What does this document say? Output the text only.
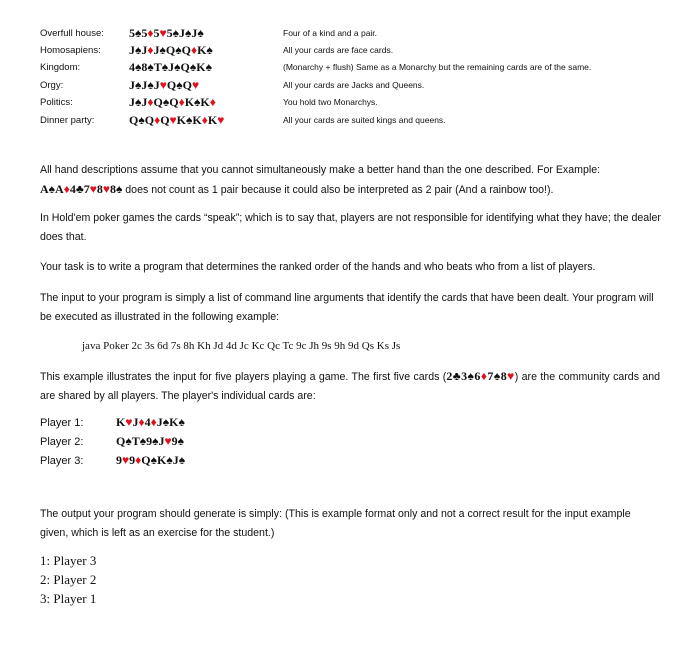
Overfull house: 5♠5♦5♥5♠J♠J♠	Four of a kind and a pair.
Homosapiens: J♠J♦J♠Q♠Q♦K♠	All your cards are face cards.
Kingdom:	4♠8♠T♠J♠Q♠K♠	(Monarchy + flush) Same as a Monarchy but the remaining cards are of the same.
Orgy:	J♠J♠J♥Q♠Q♥	All your cards are Jacks and Queens.
Politics:	J♠J♦Q♠Q♦K♠K♦	You hold two Monarchys.
Dinner party:	Q♠Q♦Q♥K♠K♦K♥	All your cards are suited kings and queens.
All hand descriptions assume that you cannot simultaneously make a better hand than the one described. For Example: A♠A♦4♣7♥8♥8♠ does not count as 1 pair because it could also be interpreted as 2 pair (And a rainbow too!).
In Hold'em poker games the cards “speak”; which is to say that, players are not responsible for identifying what they have; the dealer does that.
Your task is to write a program that determines the ranked order of the hands and who beats who from a list of players.
The input to your program is simply a list of command line arguments that identify the cards that have been dealt. Your program will be executed as illustrated in the following example:
java Poker 2c 3s 6d 7s 8h Kh Jd 4d Jc Kc Qc Tc 9c Jh 9s 9h 9d Qs Ks Js
This example illustrates the input for five players playing a game. The first five cards (2♣3♠6♦7♠8♥) are the community cards and are shared by all players. The player's individual cards are:
Player 1:	K♥J♦4♦J♠K♠
Player 2:	Q♠T♠9♠J♥9♠
Player 3:	9♥9♦Q♠K♠J♠
The output your program should generate is simply: (This is example format only and not a correct result for the input example given, which is left as an exercise for the student.)
1: Player 3
2: Player 2
3: Player 1
